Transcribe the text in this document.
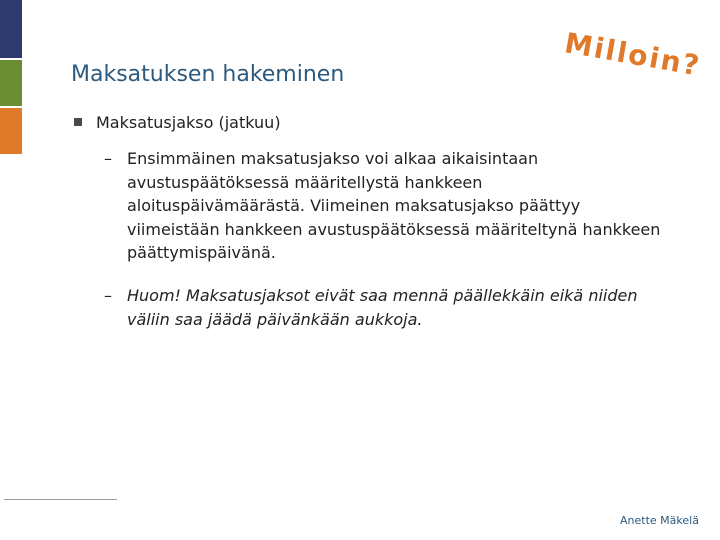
Milloin?
Maksatuksen hakeminen
Maksatusjakso (jatkuu)
– Ensimmäinen maksatusjakso voi alkaa aikaisintaan avustuspäätöksessä määritellystä hankkeen aloituspäivämäärästä. Viimeinen maksatusjakso päättyy viimeistään hankkeen avustuspäätöksessä määriteltynä hankkeen päättymispäivänä.
– Huom! Maksatusjaksot eivät saa mennä päällekkäin eikä niiden väliin saa jäädä päivänkään aukkoja.
Anette Mäkelä
